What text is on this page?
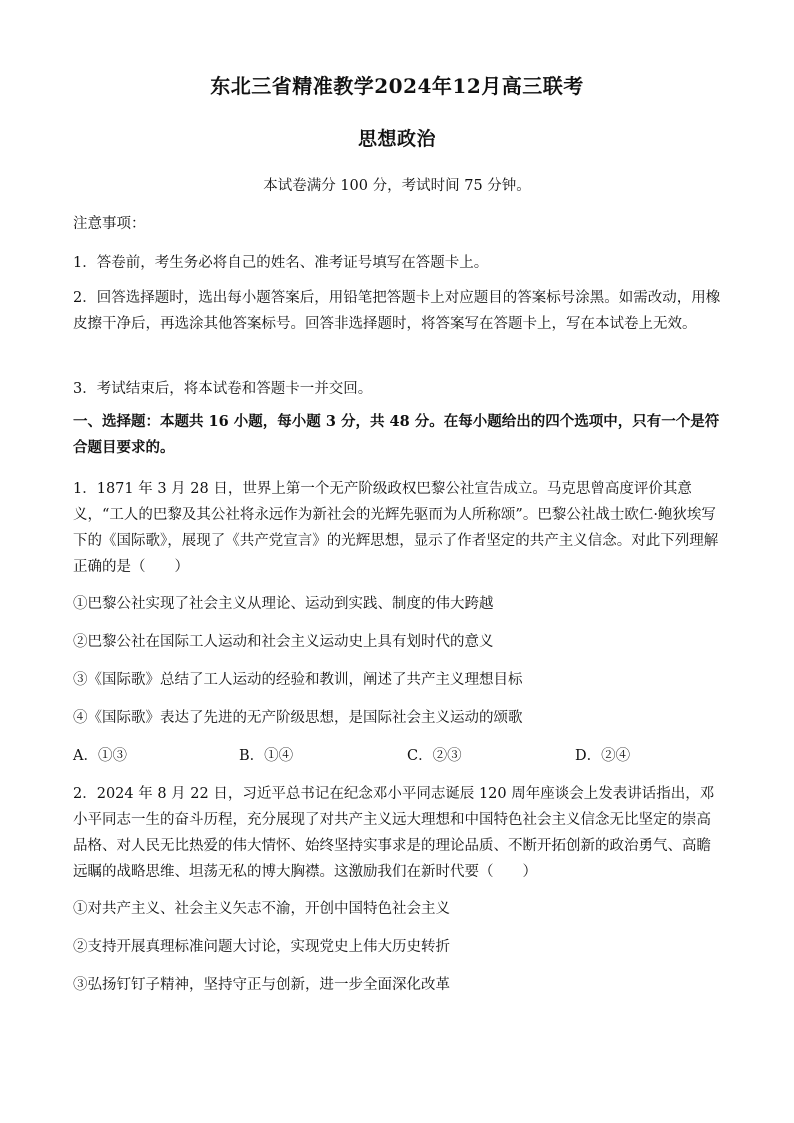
东北三省精准教学2024年12月高三联考
思想政治
本试卷满分 100 分，考试时间 75 分钟。
注意事项：
1．答卷前，考生务必将自己的姓名、准考证号填写在答题卡上。
2．回答选择题时，选出每小题答案后，用铅笔把答题卡上对应题目的答案标号涂黑。如需改动，用橡皮擦干净后，再选涂其他答案标号。回答非选择题时，将答案写在答题卡上，写在本试卷上无效。
3．考试结束后，将本试卷和答题卡一并交回。
一、选择题：本题共 16 小题，每小题 3 分，共 48 分。在每小题给出的四个选项中，只有一个是符合题目要求的。
1．1871 年 3 月 28 日，世界上第一个无产阶级政权巴黎公社宣告成立。马克思曾高度评价其意义，“工人的巴黎及其公社将永远作为新社会的光辉先驱而为人所称颂”。巴黎公社战士欧仁·鲍狄埃写下的《国际歌》，展现了《共产党宣言》的光辉思想，显示了作者坚定的共产主义信念。对此下列理解正确的是（　　）
①巴黎公社实现了社会主义从理论、运动到实践、制度的伟大跨越
②巴黎公社在国际工人运动和社会主义运动史上具有划时代的意义
③《国际歌》总结了工人运动的经验和教训，阐述了共产主义理想目标
④《国际歌》表达了先进的无产阶级思想，是国际社会主义运动的颂歌
A．①③	B．①④	C．②③	D．②④
2．2024 年 8 月 22 日，习近平总书记在纪念邓小平同志诞辰 120 周年座谈会上发表讲话指出，邓小平同志一生的奋斗历程，充分展现了对共产主义远大理想和中国特色社会主义信念无比坚定的崇高品格、对人民无比热爱的伟大情怀、始终坚持实事求是的理论品质、不断开拓创新的政治勇气、高瞻远瞩的战略思维、坦荡无私的博大胸襟。这激励我们在新时代要（　　）
①对共产主义、社会主义矢志不渝，开创中国特色社会主义
②支持开展真理标准问题大讨论，实现党史上伟大历史转折
③弘扬钉钉子精神，坚持守正与创新，进一步全面深化改革
